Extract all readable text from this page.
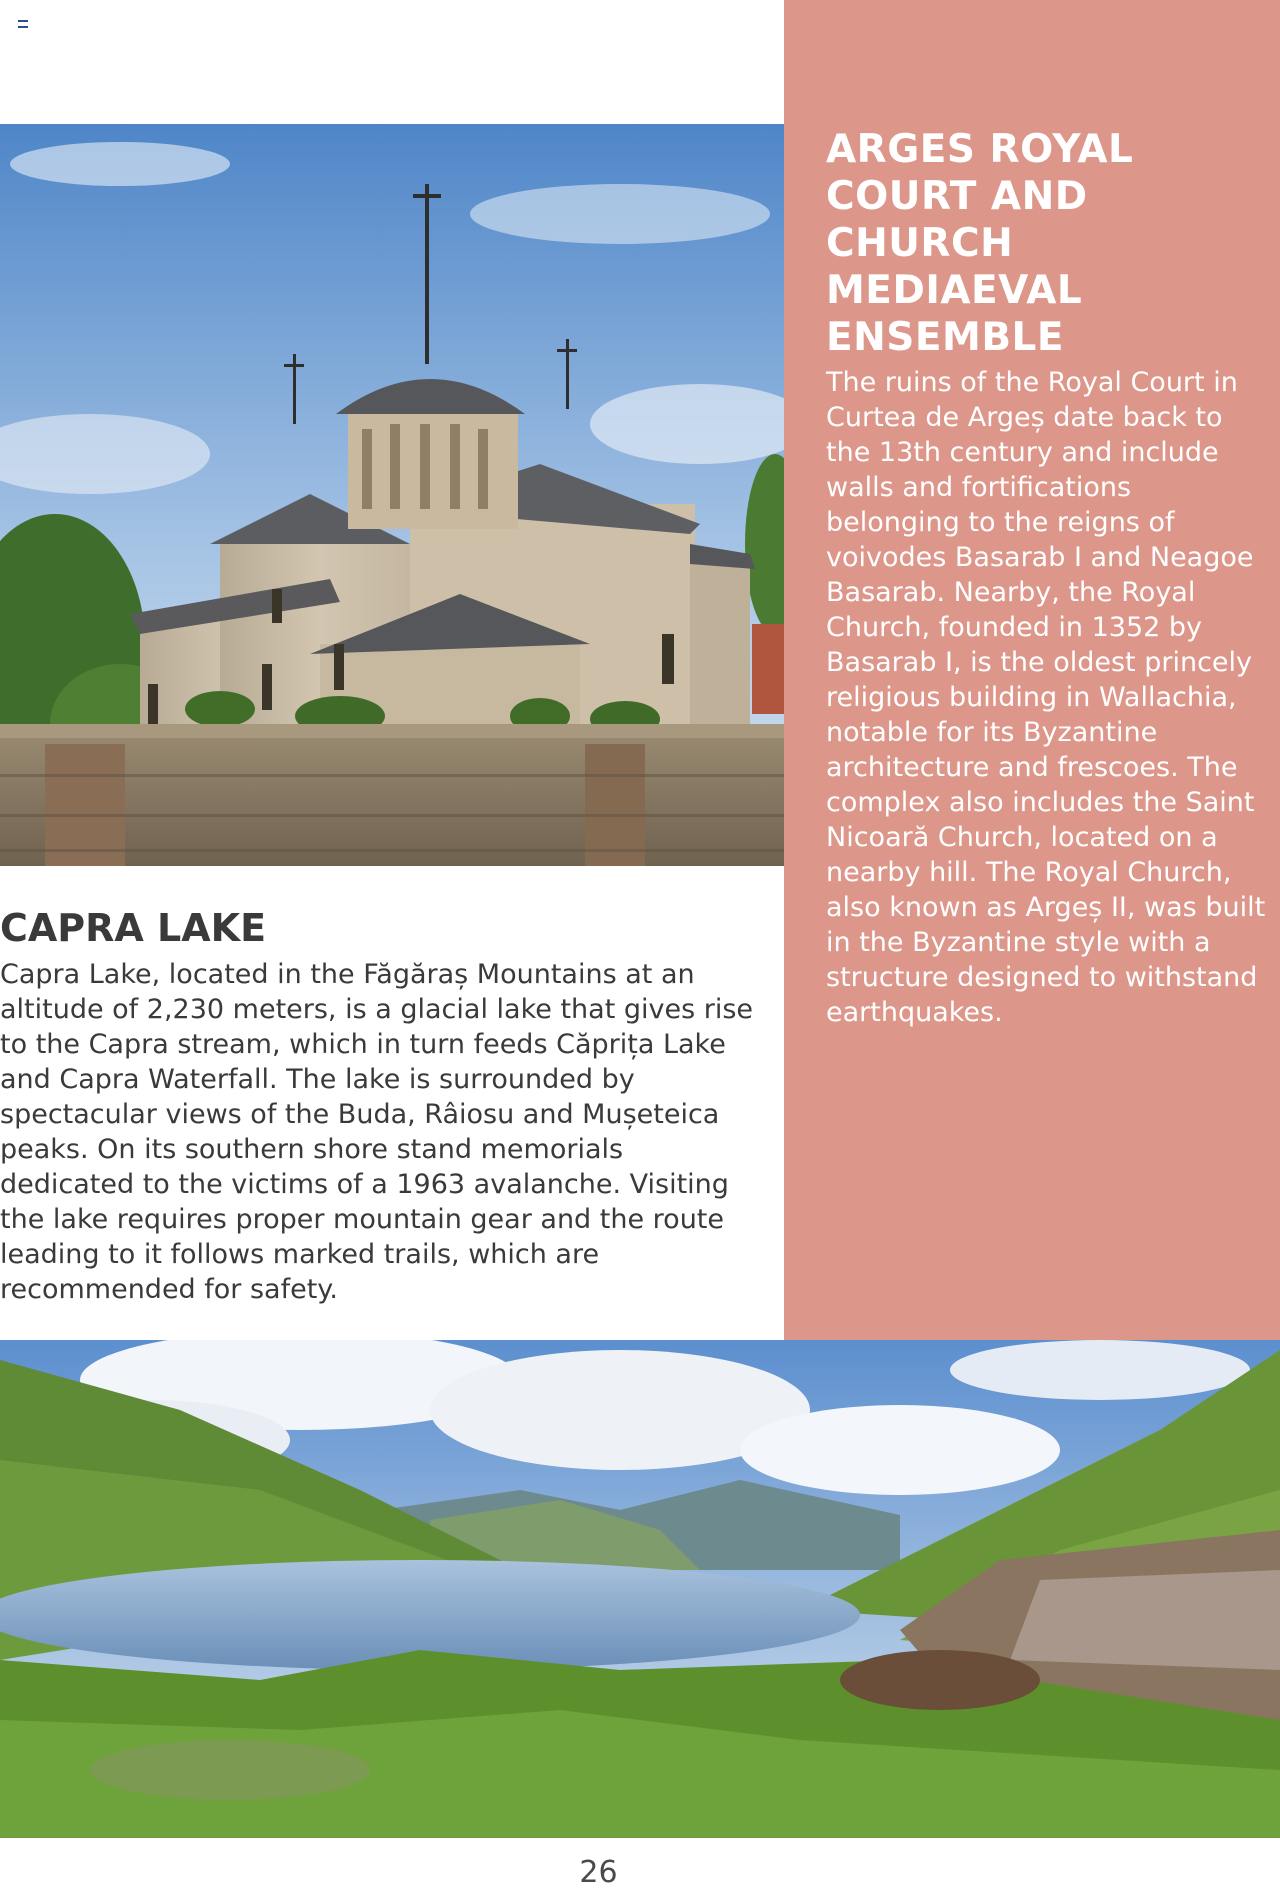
ARGES ROYAL COURT AND CHURCH MEDIAEVAL ENSEMBLE

The ruins of the Royal Court in Curtea de Argeș date back to the 13th century and include walls and fortifications belonging to the reigns of voivodes Basarab I and Neagoe Basarab. Nearby, the Royal Church, founded in 1352 by Basarab I, is the oldest princely religious building in Wallachia, notable for its Byzantine architecture and frescoes. The complex also includes the Saint Nicoară Church, located on a nearby hill. The Royal Church, also known as Argeș II, was built in the Byzantine style with a structure designed to withstand earthquakes.

CAPRA LAKE

Capra Lake, located in the Făgăraș Mountains at an altitude of 2,230 meters, is a glacial lake that gives rise to the Capra stream, which in turn feeds Căprița Lake and Capra Waterfall. The lake is surrounded by spectacular views of the Buda, Râiosu and Mușeteica peaks. On its southern shore stand memorials dedicated to the victims of a 1963 avalanche. Visiting the lake requires proper mountain gear and the route leading to it follows marked trails, which are recommended for safety.

26
